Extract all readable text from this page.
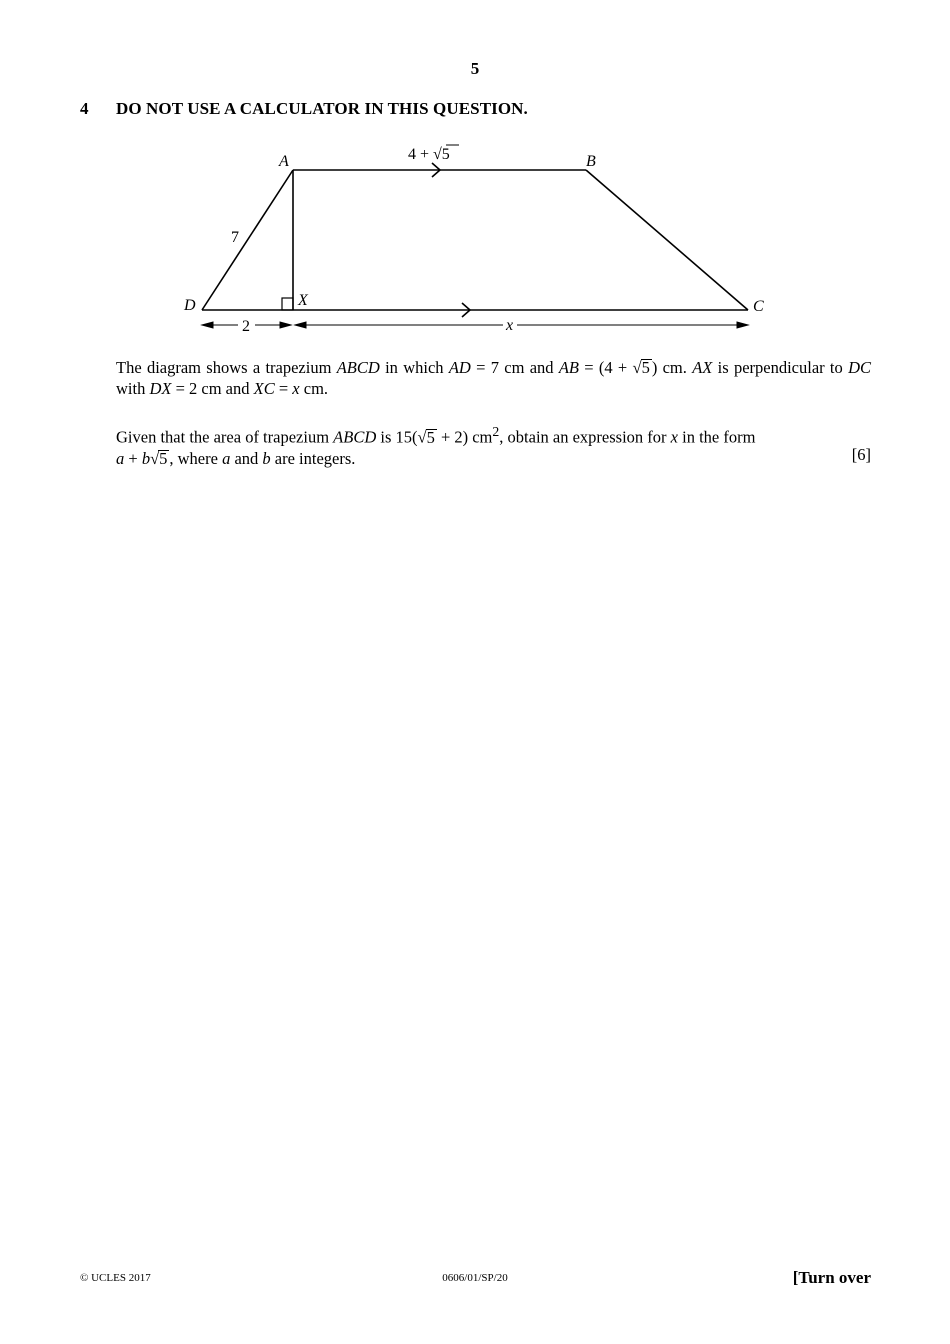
5
4 DO NOT USE A CALCULATOR IN THIS QUESTION.
A	B
C
D	X
4 + √5
7
2	x
The diagram shows a trapezium ABCD in which AD = 7 cm and AB = (4 + √5 ) cm. AX is perpendicular to DC with DX = 2 cm and XC = x cm.
Given that the area of trapezium ABCD is 15(√5 + 2) $cm^2$, obtain an expression for x in the form
a + b√5 , where a and b are integers.	[6]
© UCLES 2017	0606/01/SP/20	[Turn over
